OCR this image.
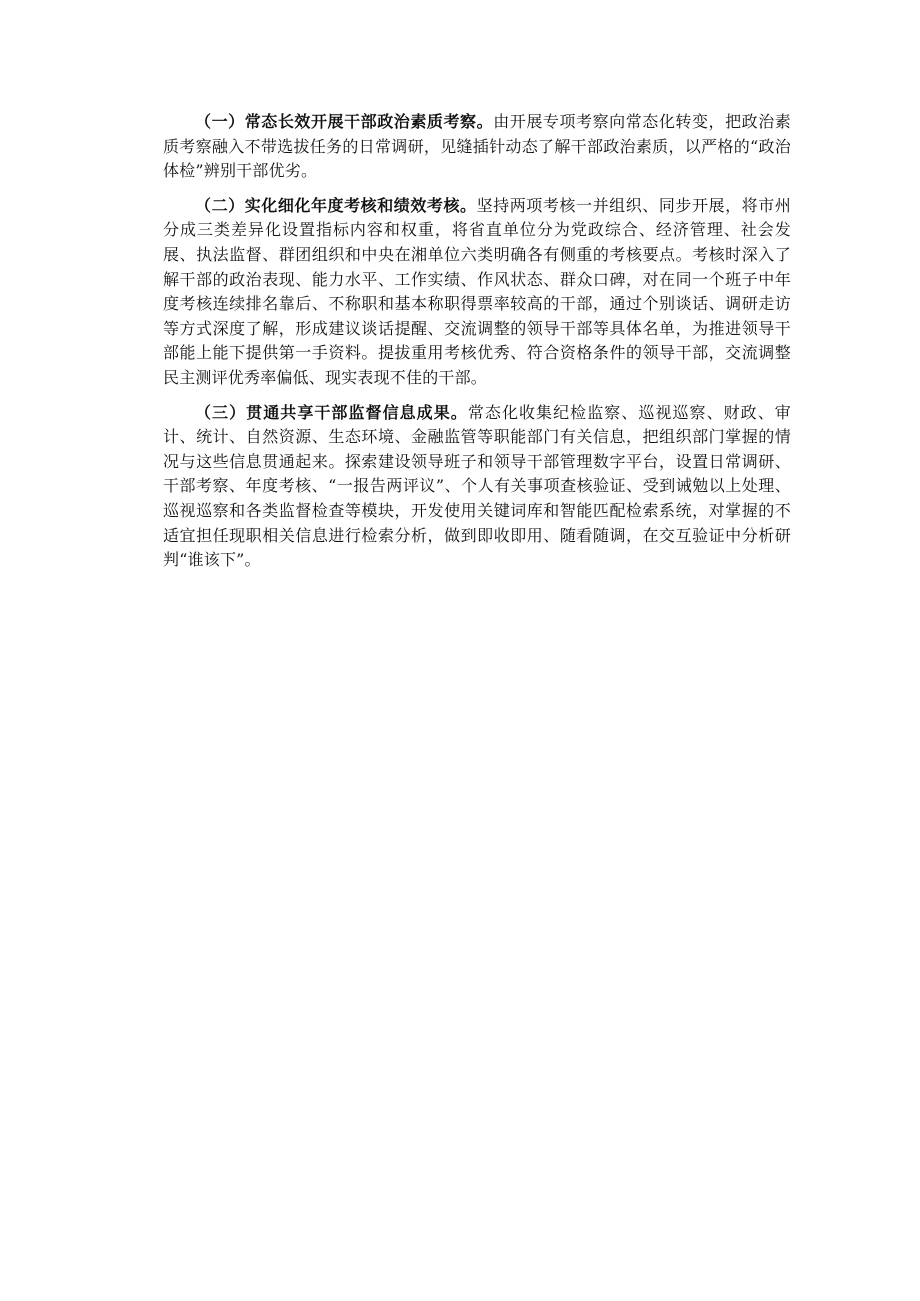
（一）常态长效开展干部政治素质考察。由开展专项考察向常态化转变，把政治素质考察融入不带选拔任务的日常调研，见缝插针动态了解干部政治素质，以严格的“政治体检”辨别干部优劣。

（二）实化细化年度考核和绩效考核。坚持两项考核一并组织、同步开展，将市州分成三类差异化设置指标内容和权重，将省直单位分为党政综合、经济管理、社会发展、执法监督、群团组织和中央在湘单位六类明确各有侧重的考核要点。考核时深入了解干部的政治表现、能力水平、工作实绩、作风状态、群众口碑，对在同一个班子中年度考核连续排名靠后、不称职和基本称职得票率较高的干部，通过个别谈话、调研走访等方式深度了解，形成建议谈话提醒、交流调整的领导干部等具体名单，为推进领导干部能上能下提供第一手资料。提拔重用考核优秀、符合资格条件的领导干部，交流调整民主测评优秀率偏低、现实表现不佳的干部。

（三）贯通共享干部监督信息成果。常态化收集纪检监察、巡视巡察、财政、审计、统计、自然资源、生态环境、金融监管等职能部门有关信息，把组织部门掌握的情况与这些信息贯通起来。探索建设领导班子和领导干部管理数字平台，设置日常调研、干部考察、年度考核、“一报告两评议”、个人有关事项查核验证、受到诫勉以上处理、巡视巡察和各类监督检查等模块，开发使用关键词库和智能匹配检索系统，对掌握的不适宜担任现职相关信息进行检索分析，做到即收即用、随看随调，在交互验证中分析研判“谁该下”。
